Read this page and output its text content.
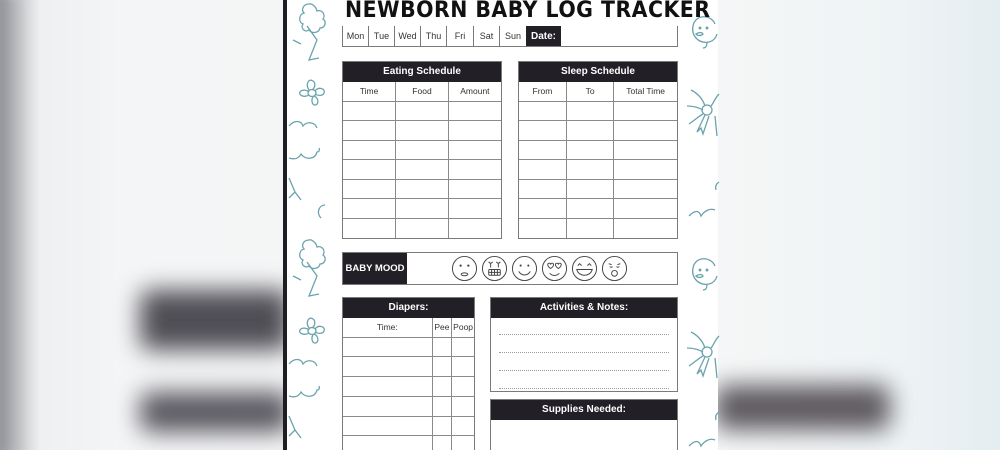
NEWBORN BABY LOG TRACKER
Mon	Tue	Wed	Thu	Fri	Sat	Sun	Date:
Eating Schedule
Time	Food	Amount

Sleep Schedule
From	To	Total Time

BABY MOOD
Diapers:
Time:	Pee	Poop

Activities & Notes:
Supplies Needed:
